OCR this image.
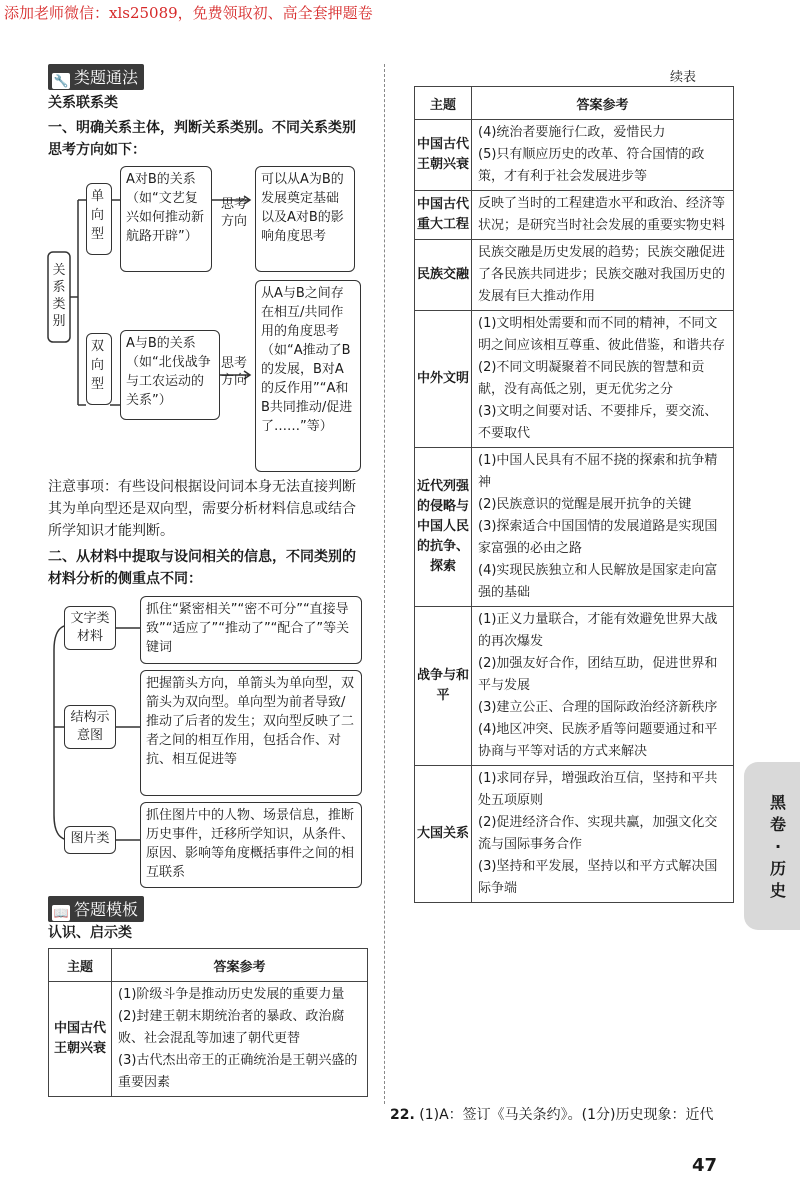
添加老师微信：xls25089，免费领取初、高全套押题卷
🔧 类题通法
关系联系类
一、明确关系主体，判断关系类别。不同关系类别思考方向如下：
关系类别
单向型
双向型
A对B的关系（如“文艺复兴如何推动新航路开辟”）
思考方向
可以从A为B的发展奠定基础以及A对B的影响角度思考
A与B的关系（如“北伐战争与工农运动的关系”）
思考方向
从A与B之间存在相互/共同作用的角度思考（如“A推动了B的发展，B对A的反作用”“A和B共同推动/促进了……”等）
注意事项：有些设问根据设问词本身无法直接判断其为单向型还是双向型，需要分析材料信息或结合所学知识才能判断。
二、从材料中提取与设问相关的信息，不同类别的材料分析的侧重点不同：
文字类材料
结构示意图
图片类
抓住“紧密相关”“密不可分”“直接导致”“适应了”“推动了”“配合了”等关键词
把握箭头方向，单箭头为单向型，双箭头为双向型。单向型为前者导致/推动了后者的发生；双向型反映了二者之间的相互作用，包括合作、对抗、相互促进等
抓住图片中的人物、场景信息，推断历史事件，迁移所学知识，从条件、原因、影响等角度概括事件之间的相互联系
📖 答题模板
认识、启示类
主题	答案参考
中国古代王朝兴衰	(1)阶级斗争是推动历史发展的重要力量
(2)封建王朝末期统治者的暴政、政治腐败、社会混乱等加速了朝代更替
(3)古代杰出帝王的正确统治是王朝兴盛的重要因素
续表
主题	答案参考
中国古代王朝兴衰	(4)统治者要施行仁政，爱惜民力
(5)只有顺应历史的改革、符合国情的政策，才有利于社会发展进步等

中国古代重大工程	反映了当时的工程建造水平和政治、经济等状况；是研究当时社会发展的重要实物史料

民族交融	民族交融是历史发展的趋势；民族交融促进了各民族共同进步；民族交融对我国历史的发展有巨大推动作用

中外文明	(1)文明相处需要和而不同的精神，不同文明之间应该相互尊重、彼此借鉴，和谐共存
(2)不同文明凝聚着不同民族的智慧和贡献，没有高低之别，更无优劣之分
(3)文明之间要对话、不要排斥，要交流、不要取代

近代列强的侵略与中国人民的抗争、探索	(1)中国人民具有不屈不挠的探索和抗争精神
(2)民族意识的觉醒是展开抗争的关键
(3)探索适合中国国情的发展道路是实现国家富强的必由之路
(4)实现民族独立和人民解放是国家走向富强的基础

战争与和平	(1)正义力量联合，才能有效避免世界大战的再次爆发
(2)加强友好合作，团结互助，促进世界和平与发展
(3)建立公正、合理的国际政治经济新秩序
(4)地区冲突、民族矛盾等问题要通过和平协商与平等对话的方式来解决

大国关系	(1)求同存异，增强政治互信，坚持和平共处五项原则
(2)促进经济合作、实现共赢，加强文化交流与国际事务合作
(3)坚持和平发展，坚持以和平方式解决国际争端
22. (1)A：签订《马关条约》。(1分)历史现象：近代
黑卷·历史
47
